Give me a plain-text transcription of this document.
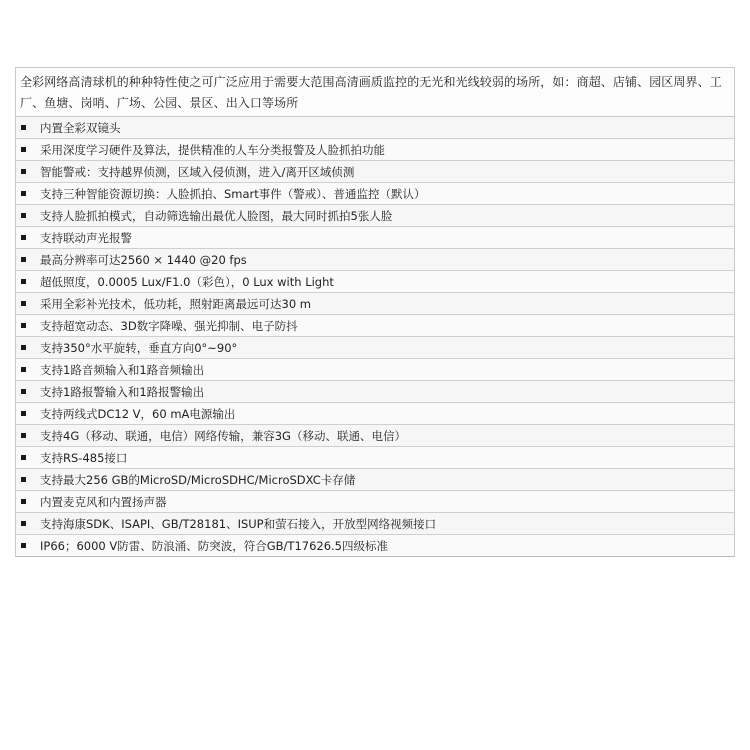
全彩网络高清球机的种种特性使之可广泛应用于需要大范围高清画质监控的无光和光线较弱的场所，如：商超、店铺、园区周界、工厂、鱼塘、岗哨、广场、公园、景区、出入口等场所
内置全彩双镜头
采用深度学习硬件及算法，提供精准的人车分类报警及人脸抓拍功能
智能警戒：支持越界侦测，区域入侵侦测，进入/离开区域侦测
支持三种智能资源切换：人脸抓拍、Smart事件（警戒）、普通监控（默认）
支持人脸抓拍模式，自动筛选输出最优人脸图，最大同时抓拍5张人脸
支持联动声光报警
最高分辨率可达2560 × 1440 @20 fps
超低照度，0.0005 Lux/F1.0（彩色），0 Lux with Light
采用全彩补光技术，低功耗，照射距离最远可达30 m
支持超宽动态、3D数字降噪、强光抑制、电子防抖
支持350°水平旋转，垂直方向0°~90°
支持1路音频输入和1路音频输出
支持1路报警输入和1路报警输出
支持两线式DC12 V，60 mA电源输出
支持4G（移动、联通，电信）网络传输，兼容3G（移动、联通、电信）
支持RS-485接口
支持最大256 GB的MicroSD/MicroSDHC/MicroSDXC卡存储
内置麦克风和内置扬声器
支持海康SDK、ISAPI、GB/T28181、ISUP和萤石接入，开放型网络视频接口
IP66；6000 V防雷、防浪涌、防突波，符合GB/T17626.5四级标准
